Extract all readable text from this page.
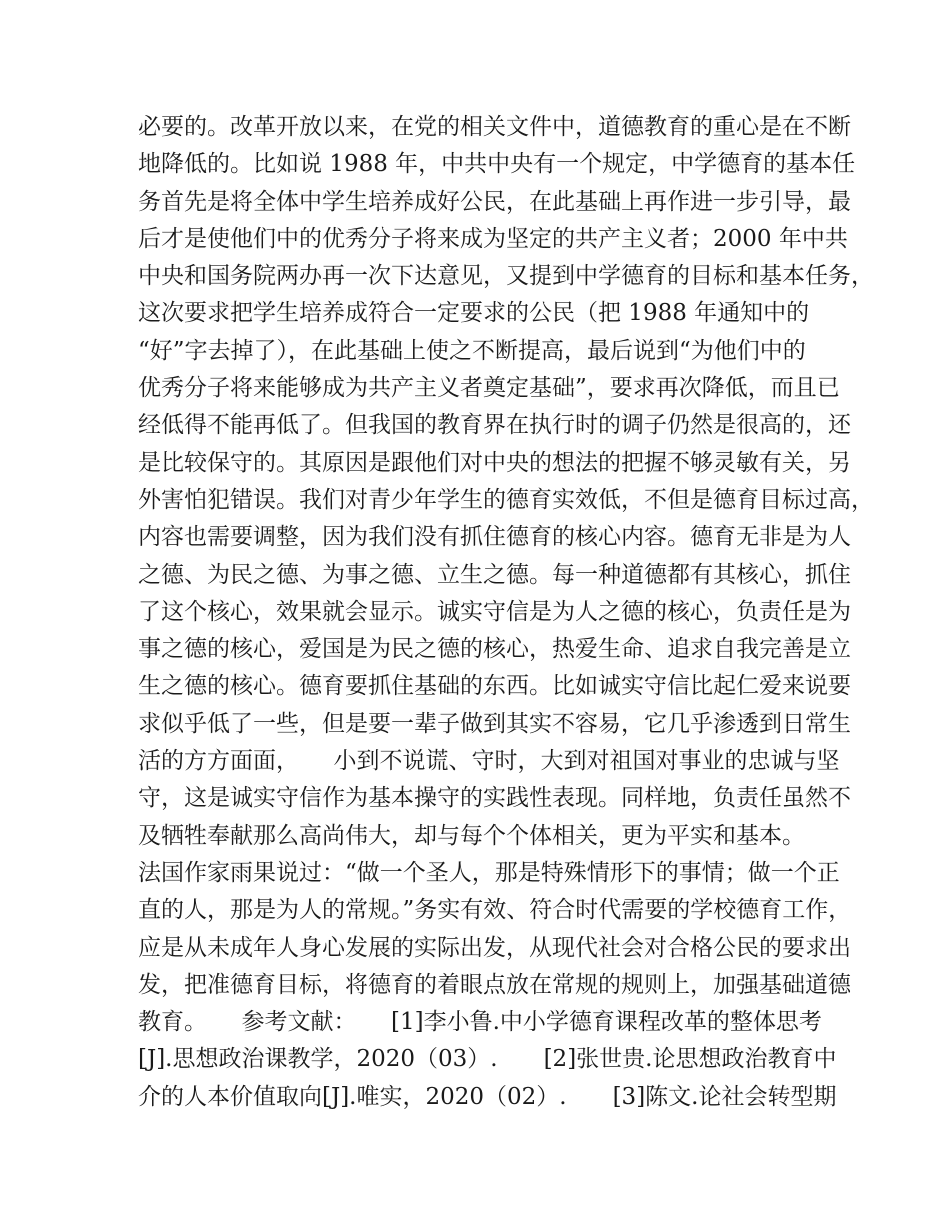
必要的。改革开放以来，在党的相关文件中，道德教育的重心是在不断
地降低的。比如说 1988 年，中共中央有一个规定，中学德育的基本任
务首先是将全体中学生培养成好公民，在此基础上再作进一步引导，最
后才是使他们中的优秀分子将来成为坚定的共产主义者；2000 年中共
中央和国务院两办再一次下达意见，又提到中学德育的目标和基本任务，
这次要求把学生培养成符合一定要求的公民（把 1988 年通知中的
“好”字去掉了），在此基础上使之不断提高，最后说到“为他们中的
优秀分子将来能够成为共产主义者奠定基础”，要求再次降低，而且已
经低得不能再低了。但我国的教育界在执行时的调子仍然是很高的，还
是比较保守的。其原因是跟他们对中央的想法的把握不够灵敏有关，另
外害怕犯错误。我们对青少年学生的德育实效低，不但是德育目标过高，
内容也需要调整，因为我们没有抓住德育的核心内容。德育无非是为人
之德、为民之德、为事之德、立生之德。每一种道德都有其核心，抓住
了这个核心，效果就会显示。诚实守信是为人之德的核心，负责任是为
事之德的核心，爱国是为民之德的核心，热爱生命、追求自我完善是立
生之德的核心。德育要抓住基础的东西。比如诚实守信比起仁爱来说要
求似乎低了一些，但是要一辈子做到其实不容易，它几乎渗透到日常生
活的方方面面，　　小到不说谎、守时，大到对祖国对事业的忠诚与坚
守，这是诚实守信作为基本操守的实践性表现。同样地，负责任虽然不
及牺牲奉献那么高尚伟大，却与每个个体相关，更为平实和基本。
法国作家雨果说过：“做一个圣人，那是特殊情形下的事情；做一个正
直的人，那是为人的常规。”务实有效、符合时代需要的学校德育工作，
应是从未成年人身心发展的实际出发，从现代社会对合格公民的要求出
发，把准德育目标，将德育的着眼点放在常规的规则上，加强基础道德
教育。　　参考文献：　　[1]李小鲁.中小学德育课程改革的整体思考
[J].思想政治课教学，2020（03）.　　[2]张世贵.论思想政治教育中
介的人本价值取向[J].唯实，2020（02）.　　[3]陈文.论社会转型期
